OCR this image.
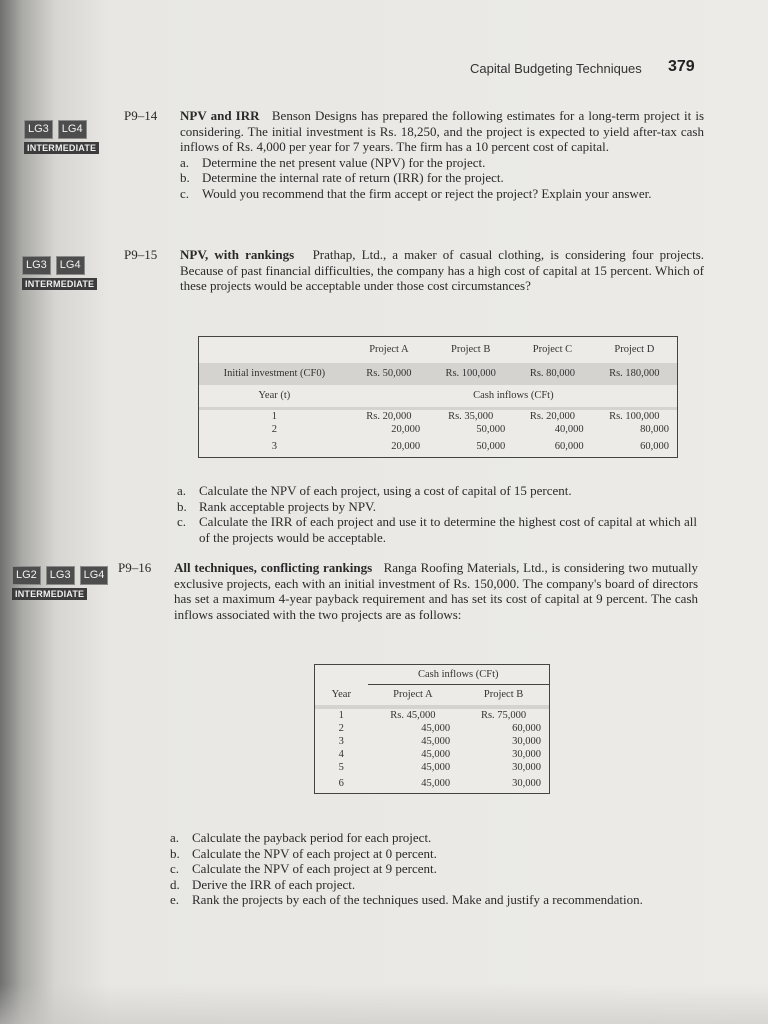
Capital Budgeting Techniques 379
LG3	LG4
INTERMEDIATE
P9–14 NPV and IRR Benson Designs has prepared the following estimates for a long-term project it is considering. The initial investment is Rs. 18,250, and the project is expected to yield after-tax cash inflows of Rs. 4,000 per year for 7 years. The firm has a 10 percent cost of capital.
a. Determine the net present value (NPV) for the project.
b. Determine the internal rate of return (IRR) for the project.
c. Would you recommend that the firm accept or reject the project? Explain your answer.
LG3	LG4
INTERMEDIATE
P9–15 NPV, with rankings Prathap, Ltd., a maker of casual clothing, is considering four projects. Because of past financial difficulties, the company has a high cost of capital at 15 percent. Which of these projects would be acceptable under those cost circumstances?
	Project A	Project B	Project C	Project D
Initial investment (CF0)	Rs. 50,000	Rs. 100,000	Rs. 80,000	Rs. 180,000
Year (t)	Cash inflows (CFt)			

1	Rs. 20,000	Rs. 35,000	Rs. 20,000	Rs. 100,000
2	20,000	50,000	40,000	80,000
3	20,000	50,000	60,000	60,000
a. Calculate the NPV of each project, using a cost of capital of 15 percent.
b. Rank acceptable projects by NPV.
c. Calculate the IRR of each project and use it to determine the highest cost of capital at which all of the projects would be acceptable.
LG2	LG3	LG4
INTERMEDIATE
P9–16 All techniques, conflicting rankings Ranga Roofing Materials, Ltd., is considering two mutually exclusive projects, each with an initial investment of Rs. 150,000. The company's board of directors has set a maximum 4-year payback requirement and has set its cost of capital at 9 percent. The cash inflows associated with the two projects are as follows:
	Cash inflows (CFt)	
Year	Project A	Project B

1	Rs. 45,000	Rs. 75,000
2	45,000	60,000
3	45,000	30,000
4	45,000	30,000
5	45,000	30,000
6	45,000	30,000
a. Calculate the payback period for each project.
b. Calculate the NPV of each project at 0 percent.
c. Calculate the NPV of each project at 9 percent.
d. Derive the IRR of each project.
e. Rank the projects by each of the techniques used. Make and justify a recommendation.
